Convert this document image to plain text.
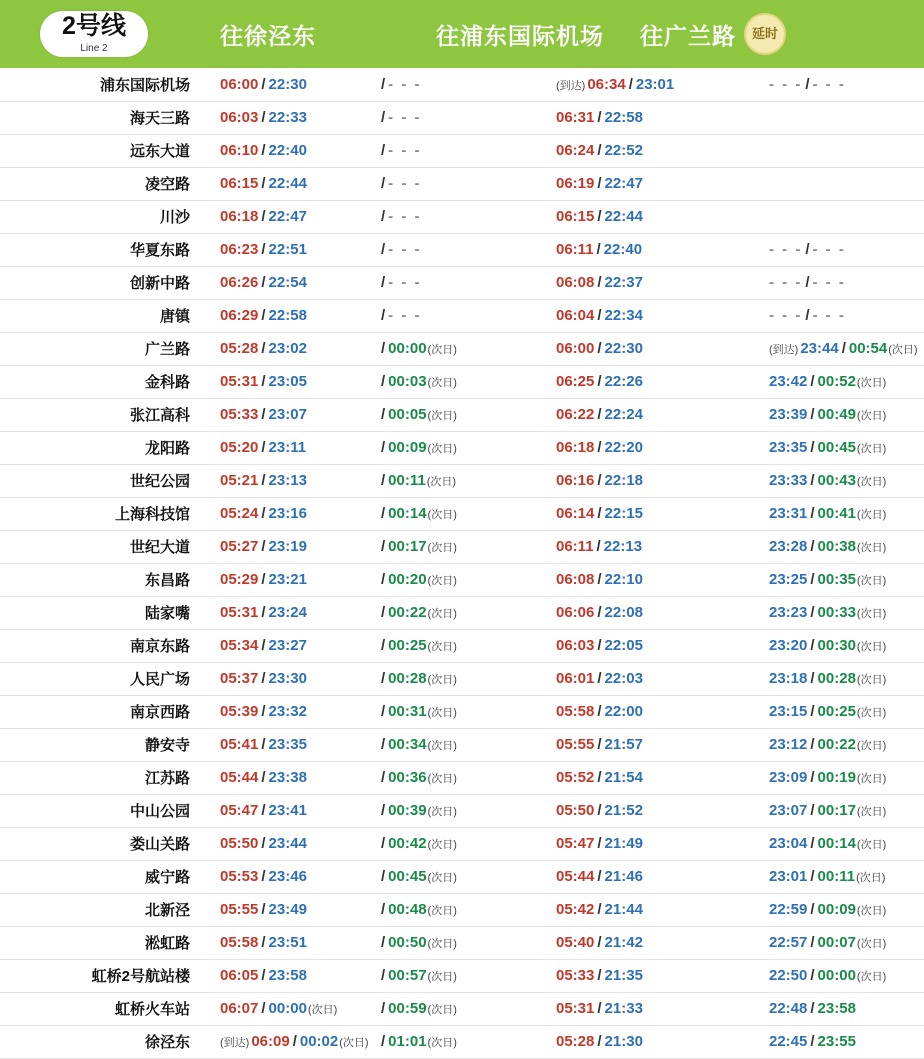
2号线
Line 2	往徐泾东	往浦东国际机场 往广兰路	延时
浦东国际机场	06:00 / 22:30	/ - - -	(到达) 06:34 / 23:01	- - - / - - -

海天三路	06:03 / 22:33	/ - - -	06:31 / 22:58	

远东大道	06:10 / 22:40	/ - - -	06:24 / 22:52	

凌空路	06:15 / 22:44	/ - - -	06:19 / 22:47	

川沙	06:18 / 22:47	/ - - -	06:15 / 22:44	

华夏东路	06:23 / 22:51	/ - - -	06:11 / 22:40	- - - / - - -

创新中路	06:26 / 22:54	/ - - -	06:08 / 22:37	- - - / - - -

唐镇	06:29 / 22:58	/ - - -	06:04 / 22:34	- - - / - - -

广兰路	05:28 / 23:02	/ 00:00 (次日)	06:00 / 22:30	(到达) 23:44 / 00:54 (次日)

金科路	05:31 / 23:05	/ 00:03 (次日)	06:25 / 22:26	23:42 / 00:52 (次日)

张江高科	05:33 / 23:07	/ 00:05 (次日)	06:22 / 22:24	23:39 / 00:49 (次日)

龙阳路	05:20 / 23:11	/ 00:09 (次日)	06:18 / 22:20	23:35 / 00:45 (次日)

世纪公园	05:21 / 23:13	/ 00:11 (次日)	06:16 / 22:18	23:33 / 00:43 (次日)

上海科技馆	05:24 / 23:16	/ 00:14 (次日)	06:14 / 22:15	23:31 / 00:41 (次日)

世纪大道	05:27 / 23:19	/ 00:17 (次日)	06:11 / 22:13	23:28 / 00:38 (次日)

东昌路	05:29 / 23:21	/ 00:20 (次日)	06:08 / 22:10	23:25 / 00:35 (次日)

陆家嘴	05:31 / 23:24	/ 00:22 (次日)	06:06 / 22:08	23:23 / 00:33 (次日)

南京东路	05:34 / 23:27	/ 00:25 (次日)	06:03 / 22:05	23:20 / 00:30 (次日)

人民广场	05:37 / 23:30	/ 00:28 (次日)	06:01 / 22:03	23:18 / 00:28 (次日)

南京西路	05:39 / 23:32	/ 00:31 (次日)	05:58 / 22:00	23:15 / 00:25 (次日)

静安寺	05:41 / 23:35	/ 00:34 (次日)	05:55 / 21:57	23:12 / 00:22 (次日)

江苏路	05:44 / 23:38	/ 00:36 (次日)	05:52 / 21:54	23:09 / 00:19 (次日)

中山公园	05:47 / 23:41	/ 00:39 (次日)	05:50 / 21:52	23:07 / 00:17 (次日)

娄山关路	05:50 / 23:44	/ 00:42 (次日)	05:47 / 21:49	23:04 / 00:14 (次日)

威宁路	05:53 / 23:46	/ 00:45 (次日)	05:44 / 21:46	23:01 / 00:11 (次日)

北新泾	05:55 / 23:49	/ 00:48 (次日)	05:42 / 21:44	22:59 / 00:09 (次日)

淞虹路	05:58 / 23:51	/ 00:50 (次日)	05:40 / 21:42	22:57 / 00:07 (次日)

虹桥2号航站楼	06:05 / 23:58	/ 00:57 (次日)	05:33 / 21:35	22:50 / 00:00 (次日)

虹桥火车站	06:07 / 00:00 (次日)	/ 00:59 (次日)	05:31 / 21:33	22:48 / 23:58

徐泾东	(到达) 06:09 / 00:02 (次日)	/ 01:01 (次日)	05:28 / 21:30	22:45 / 23:55
